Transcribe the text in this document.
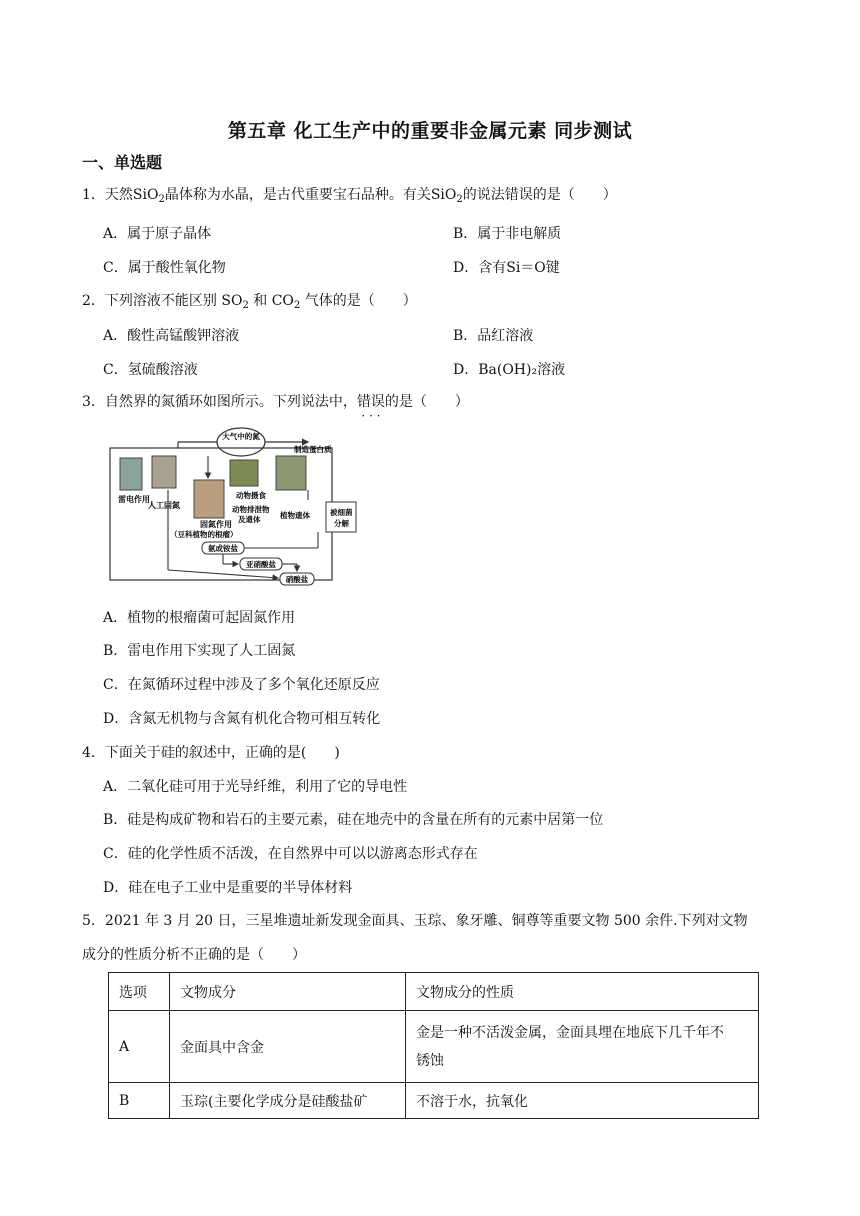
第五章 化工生产中的重要非金属元素 同步测试
一、单选题
1．天然SiO$_2$晶体称为水晶，是古代重要宝石品种。有关SiO$_2$的说法错误的是（　　）
A．属于原子晶体	B．属于非电解质
C．属于酸性氧化物	D．含有Si＝O键
2．下列溶液不能区别 $SO_2$ 和 $CO_2$ 气体的是（　　）
A．酸性高锰酸钾溶液	B．品红溶液
C．氢硫酸溶液	D．Ba(OH)₂溶液
3．自然界的氮循环如图所示。下列说法中，错误 · · ·的是（　　）
大气中的氮
雷电作用
人工固氮
固氮作用
（豆科植物的根瘤）
制造蛋白质
动物摄食
动物排泄物
及遗体	植物遗体	被细菌
分解
氨或铵盐
亚硝酸盐
硝酸盐
A．植物的根瘤菌可起固氮作用
B．雷电作用下实现了人工固氮
C．在氮循环过程中涉及了多个氧化还原反应
D．含氮无机物与含氮有机化合物可相互转化
4．下面关于硅的叙述中，正确的是(　　)
A．二氧化硅可用于光导纤维，利用了它的导电性
B．硅是构成矿物和岩石的主要元素，硅在地壳中的含量在所有的元素中居第一位
C．硅的化学性质不活泼，在自然界中可以以游离态形式存在
D．硅在电子工业中是重要的半导体材料
5．2021 年 3 月 20 日，三星堆遗址新发现金面具、玉琮、象牙雕、铜尊等重要文物 500 余件.下列对文物
成分的性质分析不正确的是（　　）
选项	文物成分	文物成分的性质
A	金面具中含金	金是一种不活泼金属，金面具埋在地底下几千年不
锈蚀

B	玉琮(主要化学成分是硅酸盐矿	不溶于水，抗氧化
